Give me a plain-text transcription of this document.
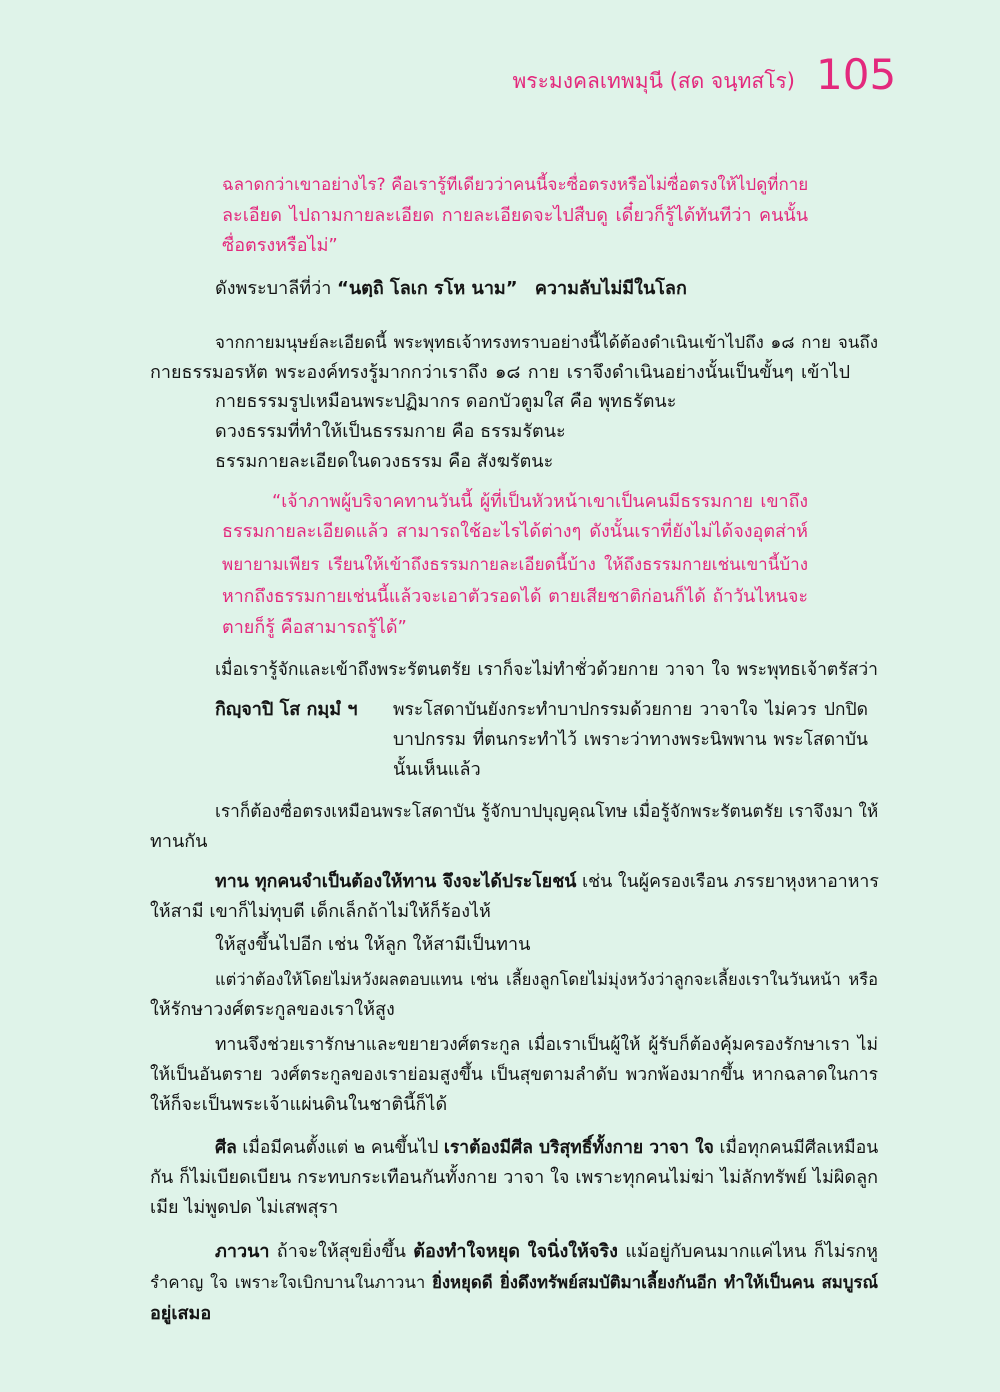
พระมงคลเทพมุนี (สด จนฺทสโร) 105
ฉลาดกว่าเขาอย่างไร? คือเรารู้ทีเดียวว่าคนนี้จะซื่อตรงหรือไม่ซื่อตรงให้ไปดูที่กาย
ละเอียด ไปถามกายละเอียด กายละเอียดจะไปสืบดู เดี๋ยวก็รู้ได้ทันทีว่า คนนั้น
ซื่อตรงหรือไม่”
ดังพระบาลีที่ว่า “นตฺถิ โลเก รโห นาม” ความลับไม่มีในโลก
จากกายมนุษย์ละเอียดนี้ พระพุทธเจ้าทรงทราบอย่างนี้ได้ต้องดำเนินเข้าไปถึง ๑๘ กาย จนถึง
กายธรรมอรหัต พระองค์ทรงรู้มากกว่าเราถึง ๑๘ กาย เราจึงดำเนินอย่างนั้นเป็นขั้นๆ เข้าไป
กายธรรมรูปเหมือนพระปฏิมากร ดอกบัวตูมใส คือ พุทธรัตนะ
ดวงธรรมที่ทำให้เป็นธรรมกาย คือ ธรรมรัตนะ
ธรรมกายละเอียดในดวงธรรม คือ สังฆรัตนะ
“เจ้าภาพผู้บริจาคทานวันนี้ ผู้ที่เป็นหัวหน้าเขาเป็นคนมีธรรมกาย เขาถึง
ธรรมกายละเอียดแล้ว สามารถใช้อะไรได้ต่างๆ ดังนั้นเราที่ยังไม่ได้จงอุตส่าห์
พยายามเพียร เรียนให้เข้าถึงธรรมกายละเอียดนี้บ้าง ให้ถึงธรรมกายเช่นเขานี้บ้าง
หากถึงธรรมกายเช่นนี้แล้วจะเอาตัวรอดได้ ตายเสียชาติก่อนก็ได้ ถ้าวันไหนจะ
ตายก็รู้ คือสามารถรู้ได้”
เมื่อเรารู้จักและเข้าถึงพระรัตนตรัย เราก็จะไม่ทำชั่วด้วยกาย วาจา ใจ พระพุทธเจ้าตรัสว่า
กิญฺจาปิ โส กมฺมํ ฯ	พระโสดาบันยังกระทำบาปกรรมด้วยกาย วาจาใจ ไม่ควร ปกปิด
บาปกรรม ที่ตนกระทำไว้ เพราะว่าทางพระนิพพาน พระโสดาบัน
นั้นเห็นแล้ว
เราก็ต้องซื่อตรงเหมือนพระโสดาบัน รู้จักบาปบุญคุณโทษ เมื่อรู้จักพระรัตนตรัย เราจึงมา ให้
ทานกัน
ทาน ทุกคนจำเป็นต้องให้ทาน จึงจะได้ประโยชน์ เช่น ในผู้ครองเรือน ภรรยาหุงหาอาหาร
ให้สามี เขาก็ไม่ทุบตี เด็กเล็กถ้าไม่ให้ก็ร้องไห้
ให้สูงขึ้นไปอีก เช่น ให้ลูก ให้สามีเป็นทาน
แต่ว่าต้องให้โดยไม่หวังผลตอบแทน เช่น เลี้ยงลูกโดยไม่มุ่งหวังว่าลูกจะเลี้ยงเราในวันหน้า หรือ
ให้รักษาวงศ์ตระกูลของเราให้สูง
ทานจึงช่วยเรารักษาและขยายวงศ์ตระกูล เมื่อเราเป็นผู้ให้ ผู้รับก็ต้องคุ้มครองรักษาเรา ไม่
ให้เป็นอันตราย วงศ์ตระกูลของเราย่อมสูงขึ้น เป็นสุขตามลำดับ พวกพ้องมากขึ้น หากฉลาดในการ
ให้ก็จะเป็นพระเจ้าแผ่นดินในชาตินี้ก็ได้
ศีล เมื่อมีคนตั้งแต่ ๒ คนขึ้นไป เราต้องมีศีล บริสุทธิ์ทั้งกาย วาจา ใจ เมื่อทุกคนมีศีลเหมือน
กัน ก็ไม่เบียดเบียน กระทบกระเทือนกันทั้งกาย วาจา ใจ เพราะทุกคนไม่ฆ่า ไม่ลักทรัพย์ ไม่ผิดลูก
เมีย ไม่พูดปด ไม่เสพสุรา
ภาวนา ถ้าจะให้สุขยิ่งขึ้น ต้องทำใจหยุด ใจนิ่งให้จริง แม้อยู่กับคนมากแค่ไหน ก็ไม่รกหู
รำคาญ ใจ เพราะใจเบิกบานในภาวนา ยิ่งหยุดดี ยิ่งดึงทรัพย์สมบัติมาเลี้ยงกันอีก ทำให้เป็นคน สมบูรณ์
อยู่เสมอ
